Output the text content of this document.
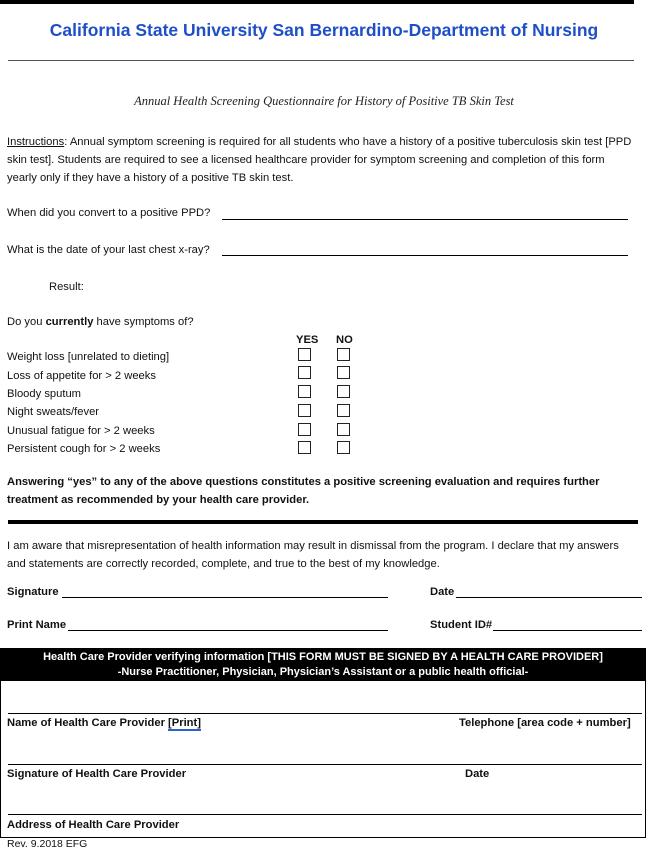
California State University San Bernardino-Department of Nursing
Annual Health Screening Questionnaire for History of Positive TB Skin Test
Instructions: Annual symptom screening is required for all students who have a history of a positive tuberculosis skin test [PPD skin test]. Students are required to see a licensed healthcare provider for symptom screening and completion of this form yearly only if they have a history of a positive TB skin test.
When did you convert to a positive PPD?
What is the date of your last chest x-ray?
Result:
Do you currently have symptoms of?
YES NO
Weight loss [unrelated to dieting]
Loss of appetite for > 2 weeks
Bloody sputum
Night sweats/fever
Unusual fatigue for > 2 weeks
Persistent cough for > 2 weeks
Answering “yes” to any of the above questions constitutes a positive screening evaluation and requires further treatment as recommended by your health care provider.
I am aware that misrepresentation of health information may result in dismissal from the program. I declare that my answers and statements are correctly recorded, complete, and true to the best of my knowledge.
Signature	Date
Print Name	Student ID#
Health Care Provider verifying information [THIS FORM MUST BE SIGNED BY A HEALTH CARE PROVIDER]
-Nurse Practitioner, Physician, Physician’s Assistant or a public health official-
Name of Health Care Provider [Print]	Telephone [area code + number]
Signature of Health Care Provider	Date
Address of Health Care Provider
Rev. 9.2018 EFG
